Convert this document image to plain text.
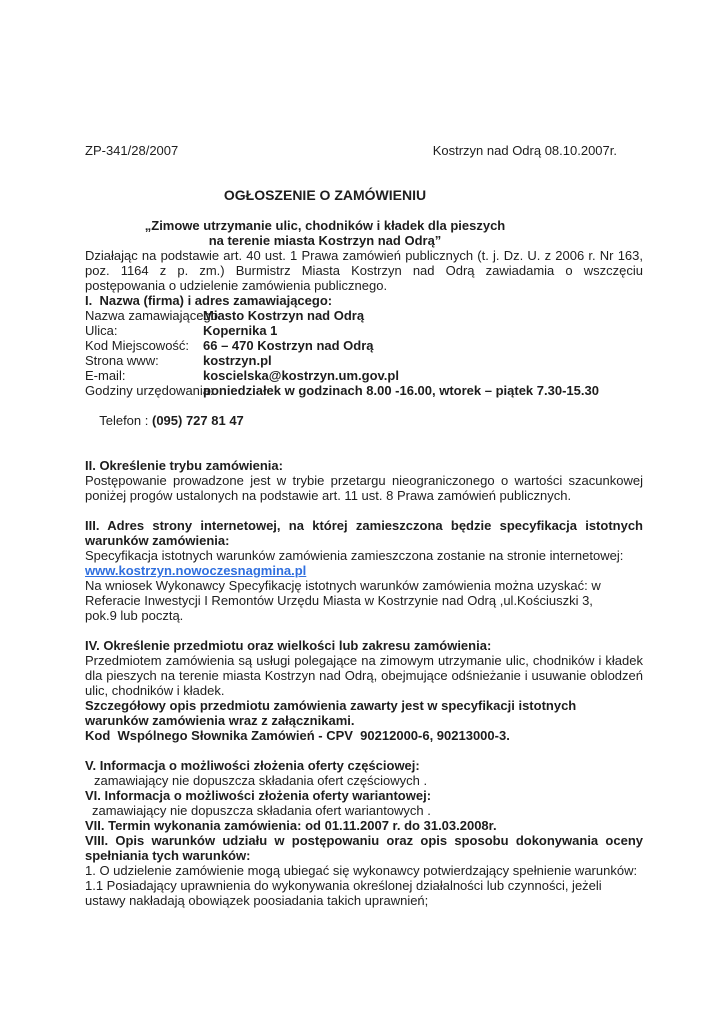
ZP-341/28/2007	Kostrzyn nad Odrą 08.10.2007r.
OGŁOSZENIE O ZAMÓWIENIU
„Zimowe utrzymanie ulic, chodników i kładek dla pieszych
na terenie miasta Kostrzyn nad Odrą”
Działając na podstawie art. 40 ust. 1 Prawa zamówień publicznych (t. j. Dz. U. z 2006 r. Nr 163,
poz. 1164 z p. zm.) Burmistrz Miasta Kostrzyn nad Odrą zawiadamia o wszczęciu
postępowania o udzielenie zamówienia publicznego.
I.  Nazwa (firma) i adres zamawiającego:
Nazwa zamawiającego:
Miasto Kostrzyn nad Odrą
Ulica:	Kopernika 1
Kod Miejscowość:	66 – 470 Kostrzyn nad Odrą
Strona www:	kostrzyn.pl
E-mail:	koscielska@kostrzyn.um.gov.pl
Godziny urzędowania:
poniedziałek w godzinach 8.00 -16.00, wtorek – piątek 7.30-15.30

Telefon : (095) 727 81 47

II. Określenie trybu zamówienia:
Postępowanie prowadzone jest w trybie przetargu nieograniczonego o wartości szacunkowej
poniżej progów ustalonych na podstawie art. 11 ust. 8 Prawa zamówień publicznych.
III. Adres strony internetowej, na której zamieszczona będzie specyfikacja istotnych
warunków zamówienia:
Specyfikacja istotnych warunków zamówienia zamieszczona zostanie na stronie internetowej:
www.kostrzyn.nowoczesnagmina.pl
Na wniosek Wykonawcy Specyfikację istotnych warunków zamówienia można uzyskać: w
Referacie Inwestycji I Remontów Urzędu Miasta w Kostrzynie nad Odrą ,ul.Kościuszki 3,
pok.9 lub pocztą.
IV. Określenie przedmiotu oraz wielkości lub zakresu zamówienia:
Przedmiotem zamówienia są usługi polegające na zimowym utrzymanie ulic, chodników i kładek
dla pieszych na terenie miasta Kostrzyn nad Odrą, obejmujące odśnieżanie i usuwanie oblodzeń
ulic, chodników i kładek.
Szczegółowy opis przedmiotu zamówienia zawarty jest w specyfikacji istotnych
warunków zamówienia wraz z załącznikami.
Kod  Wspólnego Słownika Zamówień - CPV  90212000-6, 90213000-3.
V. Informacja o możliwości złożenia oferty częściowej:
zamawiający nie dopuszcza składania ofert częściowych .
VI. Informacja o możliwości złożenia oferty wariantowej:
zamawiający nie dopuszcza składania ofert wariantowych .
VII. Termin wykonania zamówienia: od 01.11.2007 r. do 31.03.2008r.
VIII. Opis warunków udziału w postępowaniu oraz opis sposobu dokonywania oceny
spełniania tych warunków:
1. O udzielenie zamówienie mogą ubiegać się wykonawcy potwierdzający spełnienie warunków:
1.1 Posiadający uprawnienia do wykonywania określonej działalności lub czynności, jeżeli
ustawy nakładają obowiązek poosiadania takich uprawnień;
